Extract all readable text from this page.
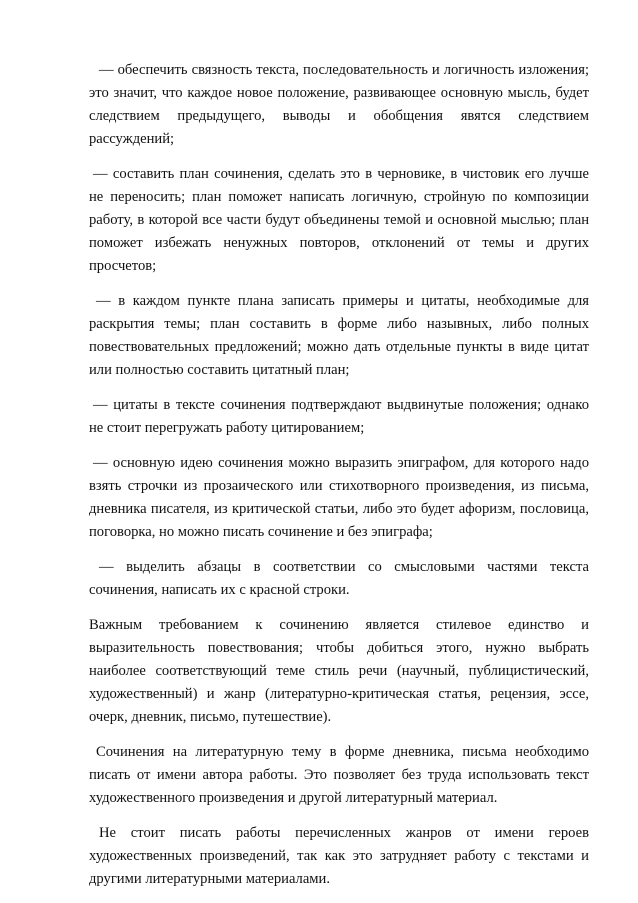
— обеспечить связность текста, последовательность и логичность изложения; это значит, что каждое новое положение, развивающее основную мысль, будет следствием предыдущего, выводы и обобщения явятся следствием рассуждений;

— составить план сочинения, сделать это в черновике, в чистовик его лучше не переносить; план поможет написать логичную, стройную по композиции работу, в которой все части будут объединены темой и основной мыслью; план поможет избежать ненужных повторов, отклонений от темы и других просчетов;

— в каждом пункте плана записать примеры и цитаты, необходимые для раскрытия темы; план составить в форме либо назывных, либо полных повествовательных предложений; можно дать отдельные пункты в виде цитат или полностью составить цитатный план;

— цитаты в тексте сочинения подтверждают выдвинутые положения; однако не стоит перегружать работу цитированием;

— основную идею сочинения можно выразить эпиграфом, для которого надо взять строчки из прозаического или стихотворного произведения, из письма, дневника писателя, из критической статьи, либо это будет афоризм, пословица, поговорка, но можно писать сочинение и без эпиграфа;

— выделить абзацы в соответствии со смысловыми частями текста сочинения, написать их с красной строки.

Важным требованием к сочинению является стилевое единство и выразительность повествования; чтобы добиться этого, нужно выбрать наиболее соответствующий теме стиль речи (научный, публицистический, художественный) и жанр (литературно-критическая статья, рецензия, эссе, очерк, дневник, письмо, путешествие).

Сочинения на литературную тему в форме дневника, письма необходимо писать от имени автора работы. Это позволяет без труда использовать текст художественного произведения и другой литературный материал.

Не стоит писать работы перечисленных жанров от имени героев художественных произведений, так как это затрудняет работу с текстами и другими литературными материалами.
